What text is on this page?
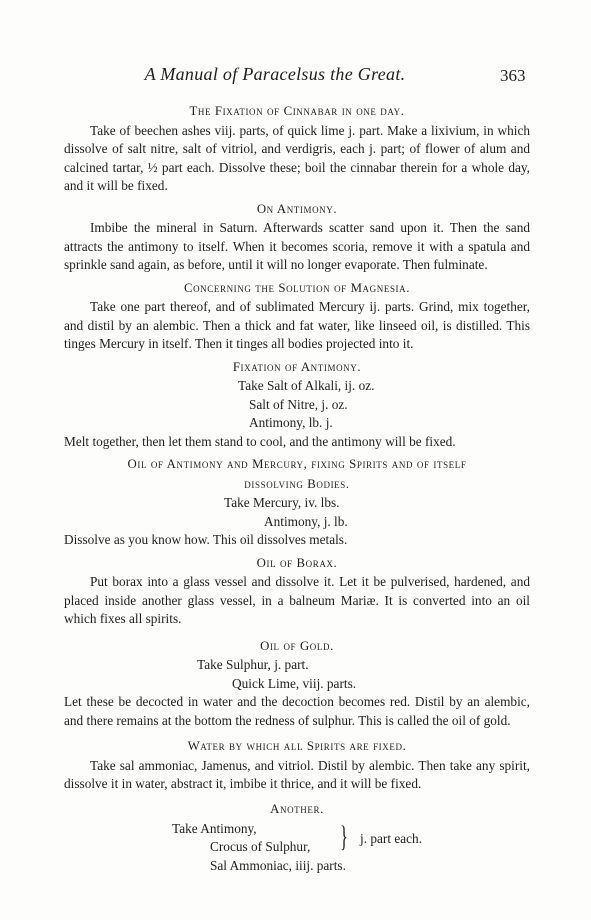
A Manual of Paracelsus the Great.	363
The Fixation of Cinnabar in one day.

Take of beechen ashes viij. parts, of quick lime j. part. Make a lixivium, in which dissolve of salt nitre, salt of vitriol, and verdigris, each j. part; of flower of alum and calcined tartar, ½ part each. Dissolve these; boil the cinnabar therein for a whole day, and it will be fixed.

On Antimony.

Imbibe the mineral in Saturn. Afterwards scatter sand upon it. Then the sand attracts the antimony to itself. When it becomes scoria, remove it with a spatula and sprinkle sand again, as before, until it will no longer evaporate. Then fulminate.

Concerning the Solution of Magnesia.

Take one part thereof, and of sublimated Mercury ij. parts. Grind, mix together, and distil by an alembic. Then a thick and fat water, like linseed oil, is distilled. This tinges Mercury in itself. Then it tinges all bodies projected into it.

Fixation of Antimony.
Take Salt of Alkali, ij. oz.
Salt of Nitre, j. oz.
Antimony, lb. j.

Melt together, then let them stand to cool, and the antimony will be fixed.

Oil of Antimony and Mercury, fixing Spirits and of itself
dissolving Bodies.
Take Mercury, iv. lbs.
Antimony, j. lb.

Dissolve as you know how. This oil dissolves metals.

Oil of Borax.

Put borax into a glass vessel and dissolve it. Let it be pulverised, hardened, and placed inside another glass vessel, in a balneum Mariæ. It is converted into an oil which fixes all spirits.

Oil of Gold.
Take Sulphur, j. part.
Quick Lime, viij. parts.

Let these be decocted in water and the decoction becomes red. Distil by an alembic, and there remains at the bottom the redness of sulphur. This is called the oil of gold.

Water by which all Spirits are fixed.

Take sal ammoniac, Jamenus, and vitriol. Distil by alembic. Then take any spirit, dissolve it in water, abstract it, imbibe it thrice, and it will be fixed.

Another.
Take Antimony,
Crocus of Sulphur, } j. part each.
Sal Ammoniac, iiij. parts.
